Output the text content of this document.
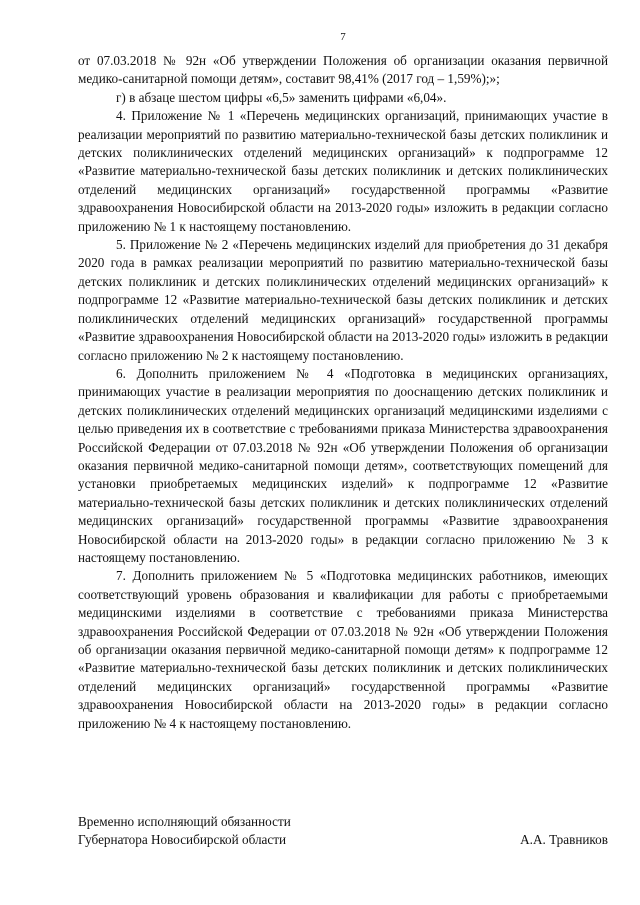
7

от 07.03.2018 № 92н «Об утверждении Положения об организации оказания первичной медико-санитарной помощи детям», составит 98,41% (2017 год – 1,59%);»;

г) в абзаце шестом цифры «6,5» заменить цифрами «6,04».

4. Приложение № 1 «Перечень медицинских организаций, принимающих участие в реализации мероприятий по развитию материально-технической базы детских поликлиник и детских поликлинических отделений медицинских организаций» к подпрограмме 12 «Развитие материально-технической базы детских поликлиник и детских поликлинических отделений медицинских организаций» государственной программы «Развитие здравоохранения Новосибирской области на 2013-2020 годы» изложить в редакции согласно приложению № 1 к настоящему постановлению.

5. Приложение № 2 «Перечень медицинских изделий для приобретения до 31 декабря 2020 года в рамках реализации мероприятий по развитию материально-технической базы детских поликлиник и детских поликлинических отделений медицинских организаций» к подпрограмме 12 «Развитие материально-технической базы детских поликлиник и детских поликлинических отделений медицинских организаций» государственной программы «Развитие здравоохранения Новосибирской области на 2013-2020 годы» изложить в редакции согласно приложению № 2 к настоящему постановлению.

6. Дополнить приложением № 4 «Подготовка в медицинских организациях, принимающих участие в реализации мероприятия по дооснащению детских поликлиник и детских поликлинических отделений медицинских организаций медицинскими изделиями с целью приведения их в соответствие с требованиями приказа Министерства здравоохранения Российской Федерации от 07.03.2018 № 92н «Об утверждении Положения об организации оказания первичной медико-санитарной помощи детям», соответствующих помещений для установки приобретаемых медицинских изделий» к подпрограмме 12 «Развитие материально-технической базы детских поликлиник и детских поликлинических отделений медицинских организаций» государственной программы «Развитие здравоохранения Новосибирской области на 2013-2020 годы» в редакции согласно приложению № 3 к настоящему постановлению.

7. Дополнить приложением № 5 «Подготовка медицинских работников, имеющих соответствующий уровень образования и квалификации для работы с приобретаемыми медицинскими изделиями в соответствие с требованиями приказа Министерства здравоохранения Российской Федерации от 07.03.2018 № 92н «Об утверждении Положения об организации оказания первичной медико-санитарной помощи детям» к подпрограмме 12 «Развитие материально-технической базы детских поликлиник и детских поликлинических отделений медицинских организаций» государственной программы «Развитие здравоохранения Новосибирской области на 2013-2020 годы» в редакции согласно приложению № 4 к настоящему постановлению.

Временно исполняющий обязанности
Губернатора Новосибирской области	А.А. Травников
